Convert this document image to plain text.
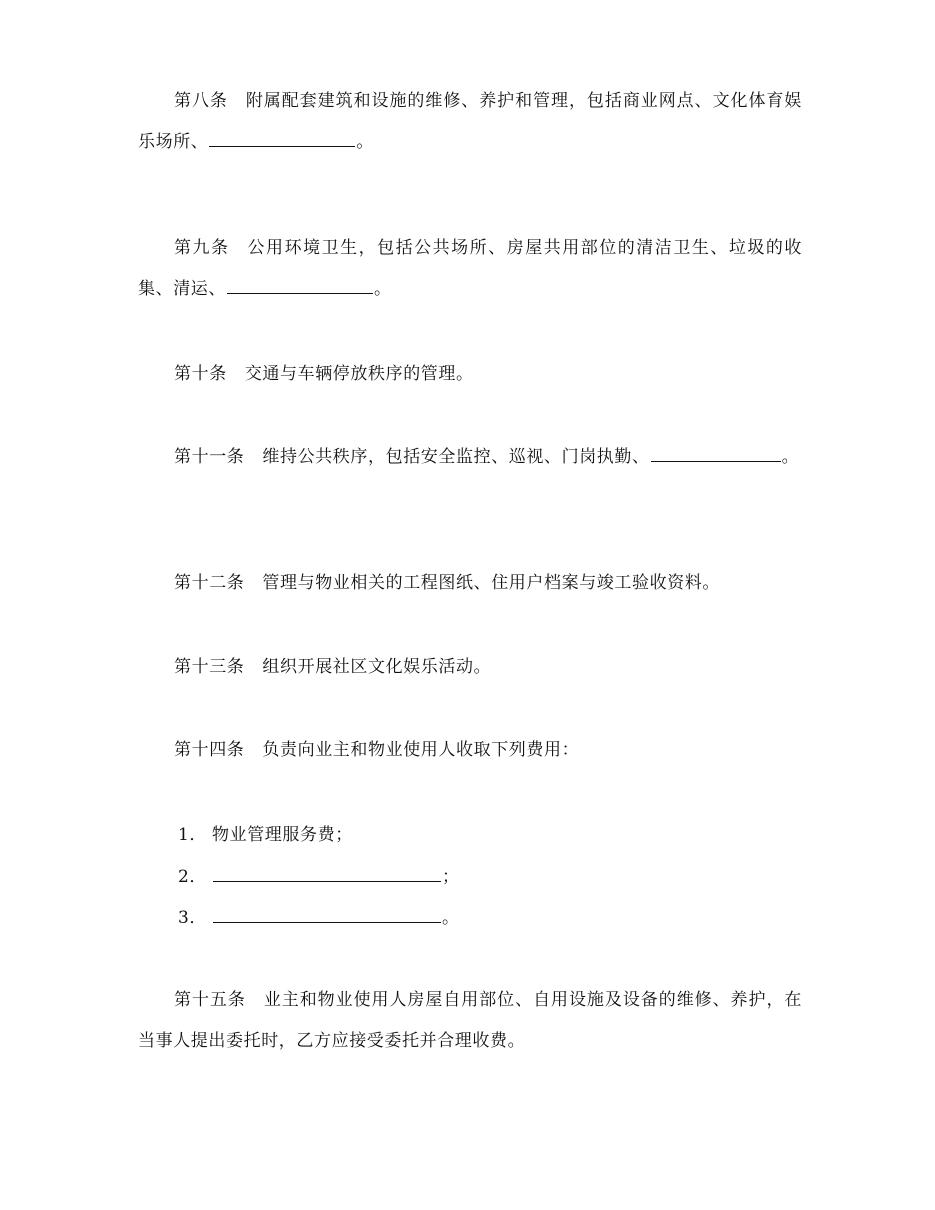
第八条 附属配套建筑和设施的维修、养护和管理，包括商业网点、文化体育娱乐场所、	。

第九条 公用环境卫生，包括公共场所、房屋共用部位的清洁卫生、垃圾的收集、清运、	。

第十条 交通与车辆停放秩序的管理。

第十一条 维持公共秩序，包括安全监控、巡视、门岗执勤、	。

第十二条 管理与物业相关的工程图纸、住用户档案与竣工验收资料。

第十三条 组织开展社区文化娱乐活动。

第十四条 负责向业主和物业使用人收取下列费用：

1． 物业管理服务费；
2．	；
3．	。

第十五条 业主和物业使用人房屋自用部位、自用设施及设备的维修、养护，在当事人提出委托时，乙方应接受委托并合理收费。
